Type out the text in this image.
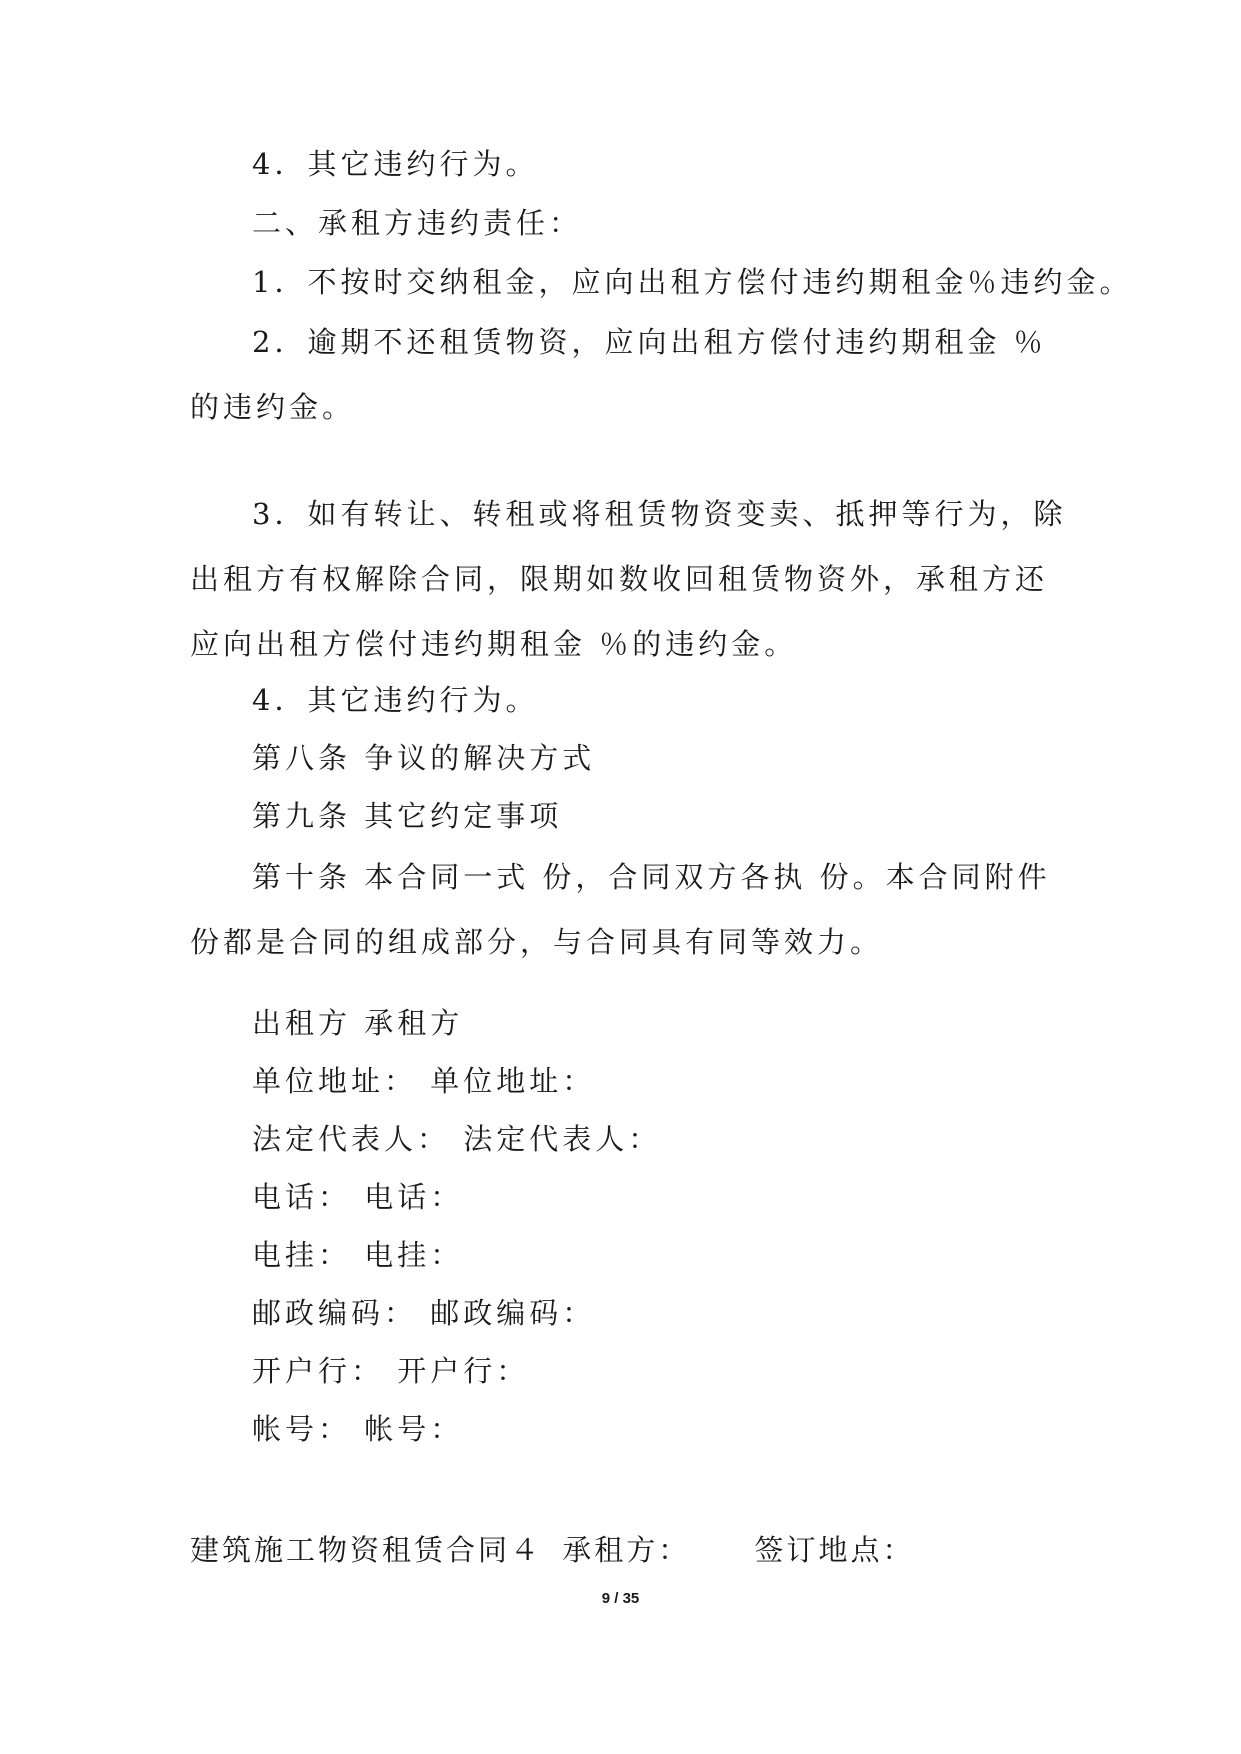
4．其它违约行为。

二、承租方违约责任：

1．不按时交纳租金，应向出租方偿付违约期租金％违约金。

2．逾期不还租赁物资，应向出租方偿付违约期租金 ％的违约金。

3．如有转让、转租或将租赁物资变卖、抵押等行为，除出租方有权解除合同，限期如数收回租赁物资外，承租方还应向出租方偿付违约期租金 ％的违约金。

4．其它违约行为。

第八条 争议的解决方式

第九条 其它约定事项

第十条 本合同一式 份，合同双方各执 份。本合同附件 份都是合同的组成部分，与合同具有同等效力。

出租方 承租方

单位地址： 单位地址：

法定代表人： 法定代表人：

电话： 电话：

电挂： 电挂：

邮政编码： 邮政编码：

开户行： 开户行：

帐号： 帐号：

建筑施工物资租赁合同４ 承租方： 签订地点：
9 / 35
